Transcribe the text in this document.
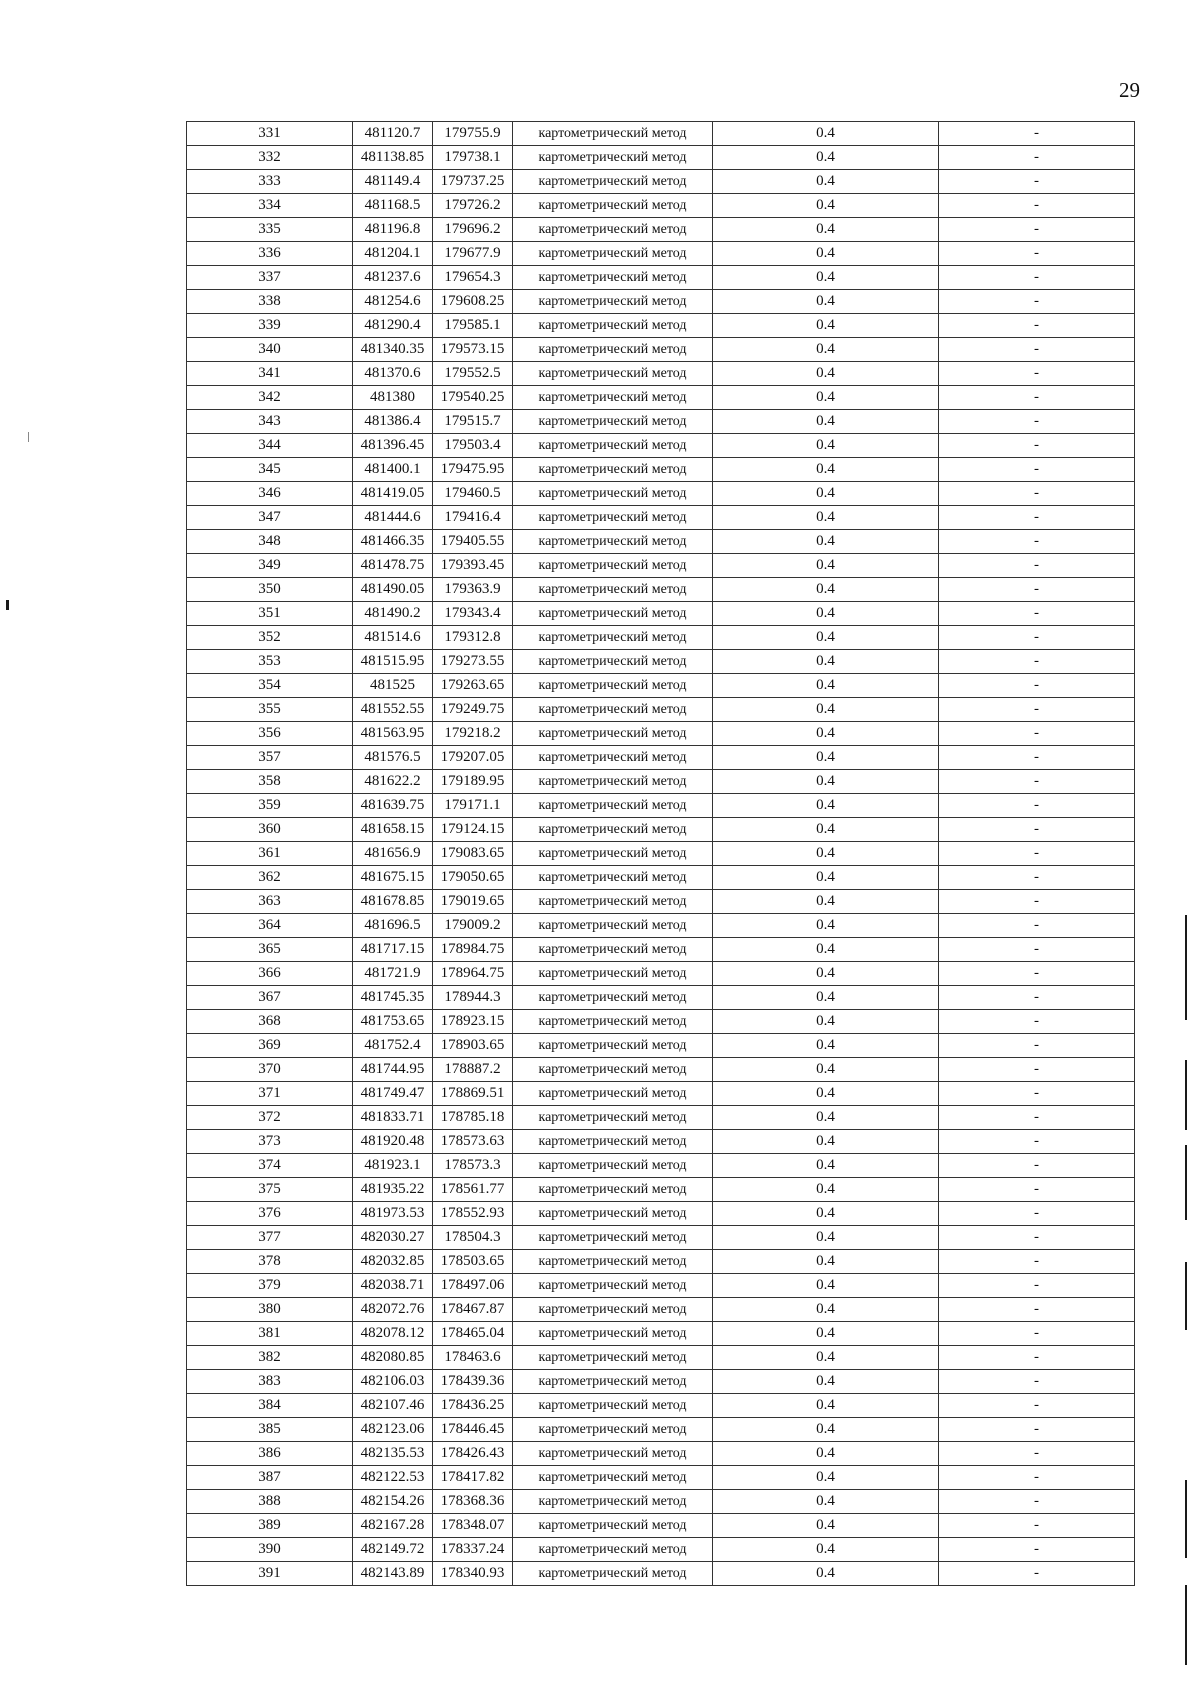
29
331	481120.7	179755.9	картометрический метод	0.4	-
332	481138.85	179738.1	картометрический метод	0.4	-
333	481149.4	179737.25	картометрический метод	0.4	-
334	481168.5	179726.2	картометрический метод	0.4	-
335	481196.8	179696.2	картометрический метод	0.4	-
336	481204.1	179677.9	картометрический метод	0.4	-
337	481237.6	179654.3	картометрический метод	0.4	-
338	481254.6	179608.25	картометрический метод	0.4	-
339	481290.4	179585.1	картометрический метод	0.4	-
340	481340.35	179573.15	картометрический метод	0.4	-
341	481370.6	179552.5	картометрический метод	0.4	-
342	481380	179540.25	картометрический метод	0.4	-
343	481386.4	179515.7	картометрический метод	0.4	-
344	481396.45	179503.4	картометрический метод	0.4	-
345	481400.1	179475.95	картометрический метод	0.4	-
346	481419.05	179460.5	картометрический метод	0.4	-
347	481444.6	179416.4	картометрический метод	0.4	-
348	481466.35	179405.55	картометрический метод	0.4	-
349	481478.75	179393.45	картометрический метод	0.4	-
350	481490.05	179363.9	картометрический метод	0.4	-
351	481490.2	179343.4	картометрический метод	0.4	-
352	481514.6	179312.8	картометрический метод	0.4	-
353	481515.95	179273.55	картометрический метод	0.4	-
354	481525	179263.65	картометрический метод	0.4	-
355	481552.55	179249.75	картометрический метод	0.4	-
356	481563.95	179218.2	картометрический метод	0.4	-
357	481576.5	179207.05	картометрический метод	0.4	-
358	481622.2	179189.95	картометрический метод	0.4	-
359	481639.75	179171.1	картометрический метод	0.4	-
360	481658.15	179124.15	картометрический метод	0.4	-
361	481656.9	179083.65	картометрический метод	0.4	-
362	481675.15	179050.65	картометрический метод	0.4	-
363	481678.85	179019.65	картометрический метод	0.4	-
364	481696.5	179009.2	картометрический метод	0.4	-
365	481717.15	178984.75	картометрический метод	0.4	-
366	481721.9	178964.75	картометрический метод	0.4	-
367	481745.35	178944.3	картометрический метод	0.4	-
368	481753.65	178923.15	картометрический метод	0.4	-
369	481752.4	178903.65	картометрический метод	0.4	-
370	481744.95	178887.2	картометрический метод	0.4	-
371	481749.47	178869.51	картометрический метод	0.4	-
372	481833.71	178785.18	картометрический метод	0.4	-
373	481920.48	178573.63	картометрический метод	0.4	-
374	481923.1	178573.3	картометрический метод	0.4	-
375	481935.22	178561.77	картометрический метод	0.4	-
376	481973.53	178552.93	картометрический метод	0.4	-
377	482030.27	178504.3	картометрический метод	0.4	-
378	482032.85	178503.65	картометрический метод	0.4	-
379	482038.71	178497.06	картометрический метод	0.4	-
380	482072.76	178467.87	картометрический метод	0.4	-
381	482078.12	178465.04	картометрический метод	0.4	-
382	482080.85	178463.6	картометрический метод	0.4	-
383	482106.03	178439.36	картометрический метод	0.4	-
384	482107.46	178436.25	картометрический метод	0.4	-
385	482123.06	178446.45	картометрический метод	0.4	-
386	482135.53	178426.43	картометрический метод	0.4	-
387	482122.53	178417.82	картометрический метод	0.4	-
388	482154.26	178368.36	картометрический метод	0.4	-
389	482167.28	178348.07	картометрический метод	0.4	-
390	482149.72	178337.24	картометрический метод	0.4	-
391	482143.89	178340.93	картометрический метод	0.4	-
